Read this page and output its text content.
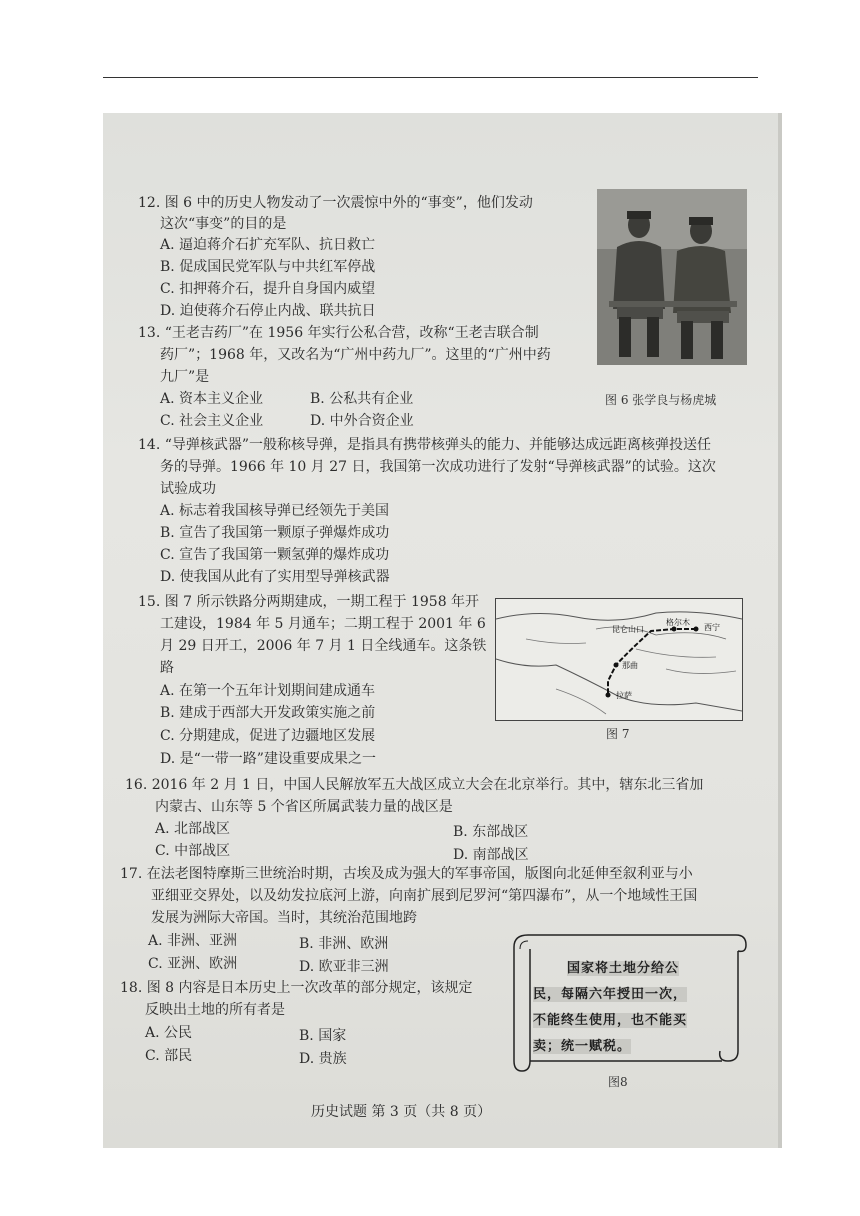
12. 图 6 中的历史人物发动了一次震惊中外的“事变”，他们发动
这次“事变”的目的是
A. 逼迫蒋介石扩充军队、抗日救亡
B. 促成国民党军队与中共红军停战
C. 扣押蒋介石，提升自身国内威望
D. 迫使蒋介石停止内战、联共抗日
图 6 张学良与杨虎城
13. “王老吉药厂”在 1956 年实行公私合营，改称“王老吉联合制
药厂”；1968 年，又改名为“广州中药九厂”。这里的“广州中药
九厂”是
A. 资本主义企业	B. 公私共有企业
C. 社会主义企业	D. 中外合资企业
14. “导弹核武器”一般称核导弹，是指具有携带核弹头的能力、并能够达成远距离核弹投送任
务的导弹。1966 年 10 月 27 日，我国第一次成功进行了发射“导弹核武器”的试验。这次
试验成功
A. 标志着我国核导弹已经领先于美国
B. 宣告了我国第一颗原子弹爆炸成功
C. 宣告了我国第一颗氢弹的爆炸成功
D. 使我国从此有了实用型导弹核武器
15. 图 7 所示铁路分两期建成，一期工程于 1958 年开
工建设，1984 年 5 月通车；二期工程于 2001 年 6
月 29 日开工，2006 年 7 月 1 日全线通车。这条铁
路
A. 在第一个五年计划期间建成通车
B. 建成于西部大开发政策实施之前
C. 分期建成，促进了边疆地区发展
D. 是“一带一路”建设重要成果之一
昆仑山口
格尔木
西宁
那曲
拉萨
图 7
16. 2016 年 2 月 1 日，中国人民解放军五大战区成立大会在北京举行。其中，辖东北三省加
内蒙古、山东等 5 个省区所属武装力量的战区是
A. 北部战区	B. 东部战区
C. 中部战区	D. 南部战区
17. 在法老图特摩斯三世统治时期，古埃及成为强大的军事帝国，版图向北延伸至叙利亚与小
亚细亚交界处，以及幼发拉底河上游，向南扩展到尼罗河“第四瀑布”，从一个地域性王国
发展为洲际大帝国。当时，其统治范围地跨
A. 非洲、亚洲	B. 非洲、欧洲
C. 亚洲、欧洲	D. 欧亚非三洲
18. 图 8 内容是日本历史上一次改革的部分规定，该规定
反映出土地的所有者是
A. 公民	B. 国家
C. 部民	D. 贵族
国家将土地分给公
民，每隔六年授田一次，
不能终生使用，也不能买
卖；统一赋税。
图8
历史试题 第 3 页（共 8 页）
